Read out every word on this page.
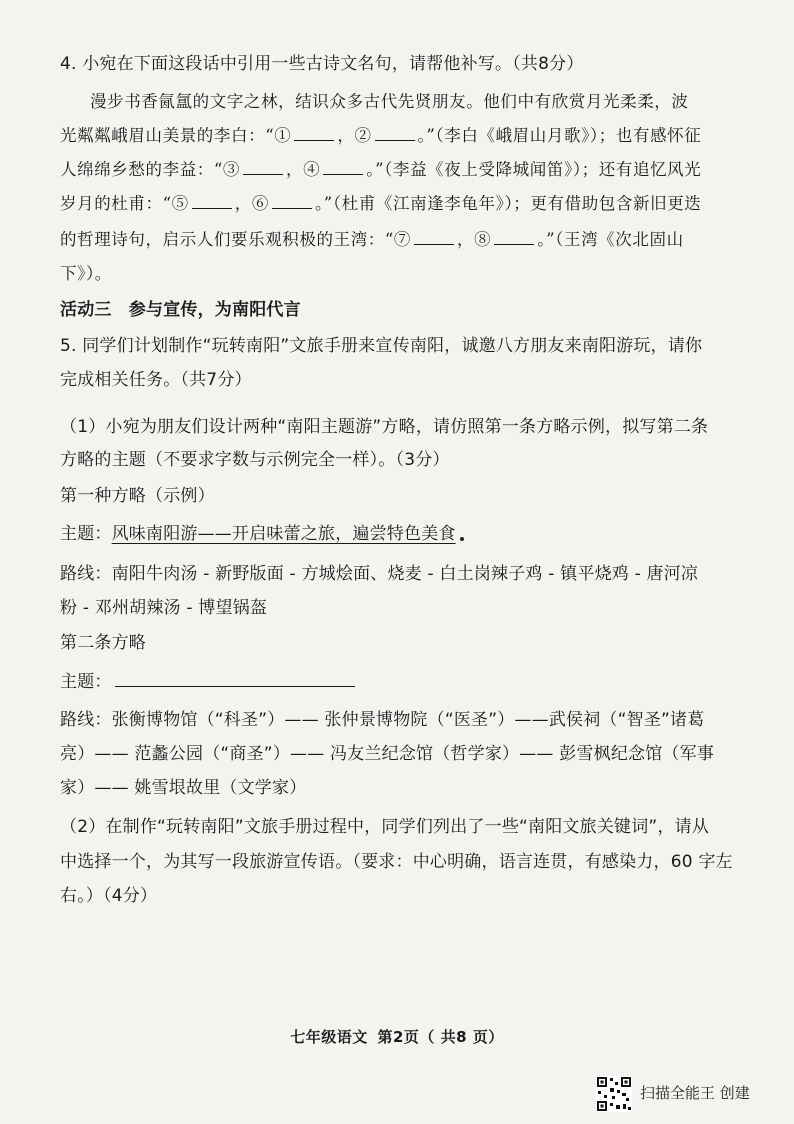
4. 小宛在下面这段话中引用一些古诗文名句，请帮他补写。（共8分）
漫步书香氤氲的文字之林，结识众多古代先贤朋友。他们中有欣赏月光柔柔，波
光粼粼峨眉山美景的李白：“①	，②	。”（李白《峨眉山月歌》）；也有感怀征
人绵绵乡愁的李益：“③	，④	。”（李益《夜上受降城闻笛》）；还有追忆风光
岁月的杜甫：“⑤	，⑥	。”（杜甫《江南逢李龟年》）；更有借助包含新旧更迭
的哲理诗句，启示人们要乐观积极的王湾：“⑦	，⑧	。”（王湾《次北固山
下》）。
活动三　参与宣传，为南阳代言
5. 同学们计划制作“玩转南阳”文旅手册来宣传南阳，诚邀八方朋友来南阳游玩，请你
完成相关任务。（共7分）
（1）小宛为朋友们设计两种“南阳主题游”方略，请仿照第一条方略示例，拟写第二条
方略的主题（不要求字数与示例完全一样）。（3分）
第一种方略（示例）
主题：风味南阳游——开启味蕾之旅，遍尝特色美食
路线：南阳牛肉汤 - 新野版面 - 方城烩面、烧麦 - 白土岗辣子鸡 - 镇平烧鸡 - 唐河凉
粉 - 邓州胡辣汤 - 博望锅盔
第二条方略
主题：
路线：张衡博物馆（“科圣”）—— 张仲景博物院（“医圣”）——武侯祠（“智圣”诸葛
亮）—— 范蠡公园（“商圣”）—— 冯友兰纪念馆（哲学家）—— 彭雪枫纪念馆（军事
家）—— 姚雪垠故里（文学家）
（2）在制作“玩转南阳”文旅手册过程中，同学们列出了一些“南阳文旅关键词”，请从
中选择一个，为其写一段旅游宣传语。（要求：中心明确，语言连贯，有感染力，60 字左
右。）（4分）
七年级语文 第2页（ 共8 页）
扫描全能王 创建
